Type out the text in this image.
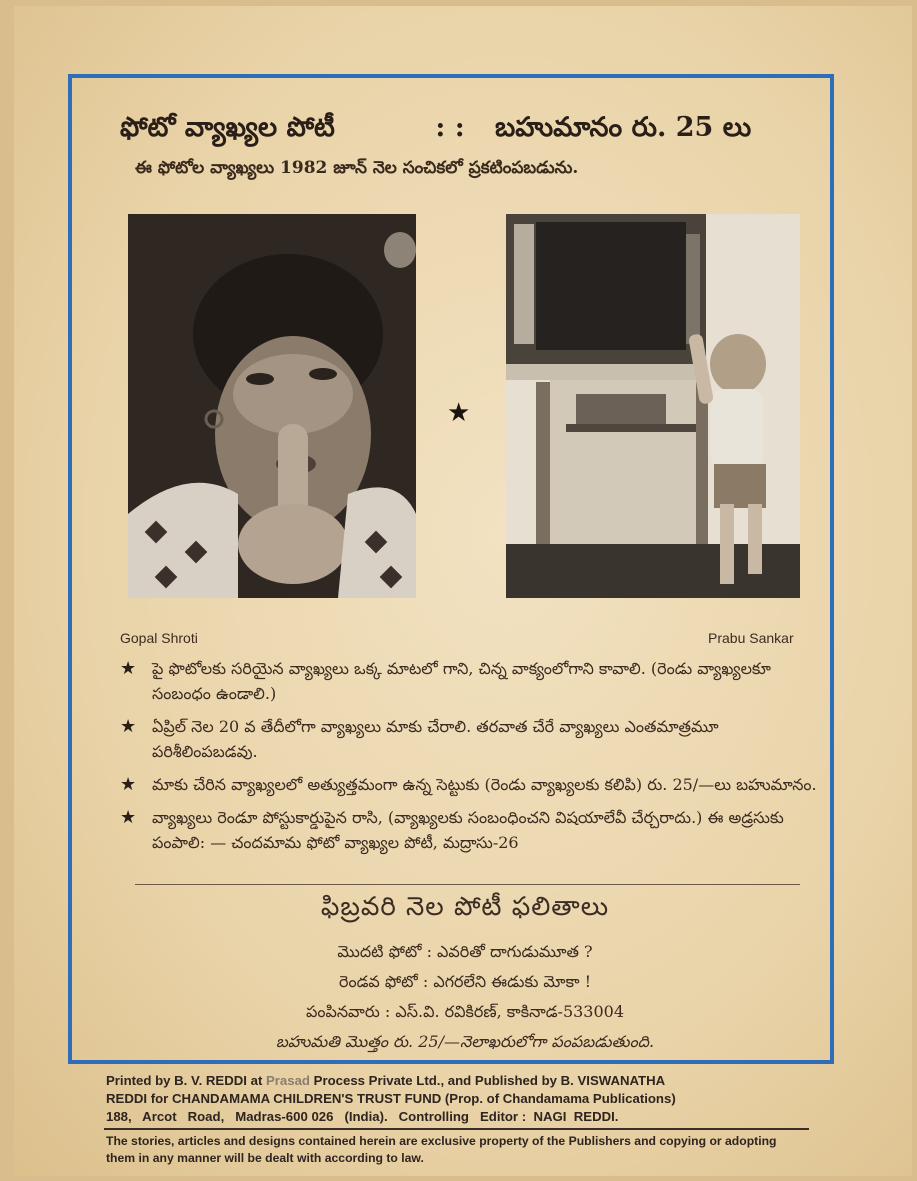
ఫోటో వ్యాఖ్యల పోటీ	: :	బహుమానం రు. 25 లు
ఈ ఫోటోల వ్యాఖ్యలు 1982 జూన్ నెల సంచికలో ప్రకటింపబడును.
★
Gopal Shroti	Prabu Sankar
★ పై ఫొటోలకు సరియైన వ్యాఖ్యలు ఒక్క మాటలో గాని, చిన్న వాక్యంలోగాని కావాలి. (రెండు వ్యాఖ్యలకూ సంబంధం ఉండాలి.)
★ ఏప్రిల్ నెల 20 వ తేదీలోగా వ్యాఖ్యలు మాకు చేరాలి. తరవాత చేరే వ్యాఖ్యలు ఎంతమాత్రమూ పరిశీలింపబడవు.
★ మాకు చేరిన వ్యాఖ్యలలో అత్యుత్తమంగా ఉన్న సెట్టుకు (రెండు వ్యాఖ్యలకు కలిపి) రు. 25/—లు బహుమానం.
★ వ్యాఖ్యలు రెండూ పోస్టుకార్డుపైన రాసి, (వ్యాఖ్యలకు సంబంధించని విషయాలేవీ చేర్చరాదు.) ఈ అడ్రసుకు పంపాలి: — చందమామ ఫోటో వ్యాఖ్యల పోటీ, మద్రాసు-26
ఫిబ్రవరి నెల పోటీ ఫలితాలు
మొదటి ఫోటో : ఎవరితో దాగుడుమూత ?
రెండవ ఫోటో : ఎగరలేని ఈడుకు మోకా !
పంపినవారు : ఎస్.వి. రవికిరణ్, కాకినాడ-533004
బహుమతి మొత్తం రు. 25/—నెలాఖరులోగా పంపబడుతుంది.
Printed by B. V. REDDI at Prasad Process Private Ltd., and Published by B. VISWANATHA
REDDI for CHANDAMAMA CHILDREN'S TRUST FUND (Prop. of Chandamama Publications)
188,   Arcot   Road,   Madras-600 026   (India).   Controlling   Editor :  NAGI  REDDI.
The stories, articles and designs contained herein are exclusive property of the Publishers and copying or adopting them in any manner will be dealt with according to law.
